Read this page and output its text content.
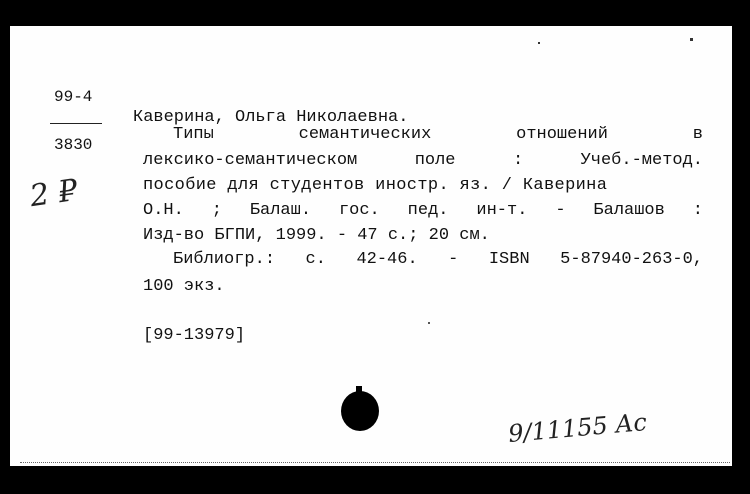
99-4
3830
2 ₽
Каверина, Ольга Николаевна.
Типы	семантических	отношений	в
лексико-семантическом	поле	:	Учеб.-метод.
пособие для студентов иностр. яз. / Каверина
О.Н. ; Балаш. гос. пед. ин-т. - Балашов :
Изд-во БГПИ, 1999. - 47 с.; 20 см.
Библиогр.: с. 42-46. - ISBN 5-87940-263-0,
100 экз.
[99-13979]
9/11155 Ас
